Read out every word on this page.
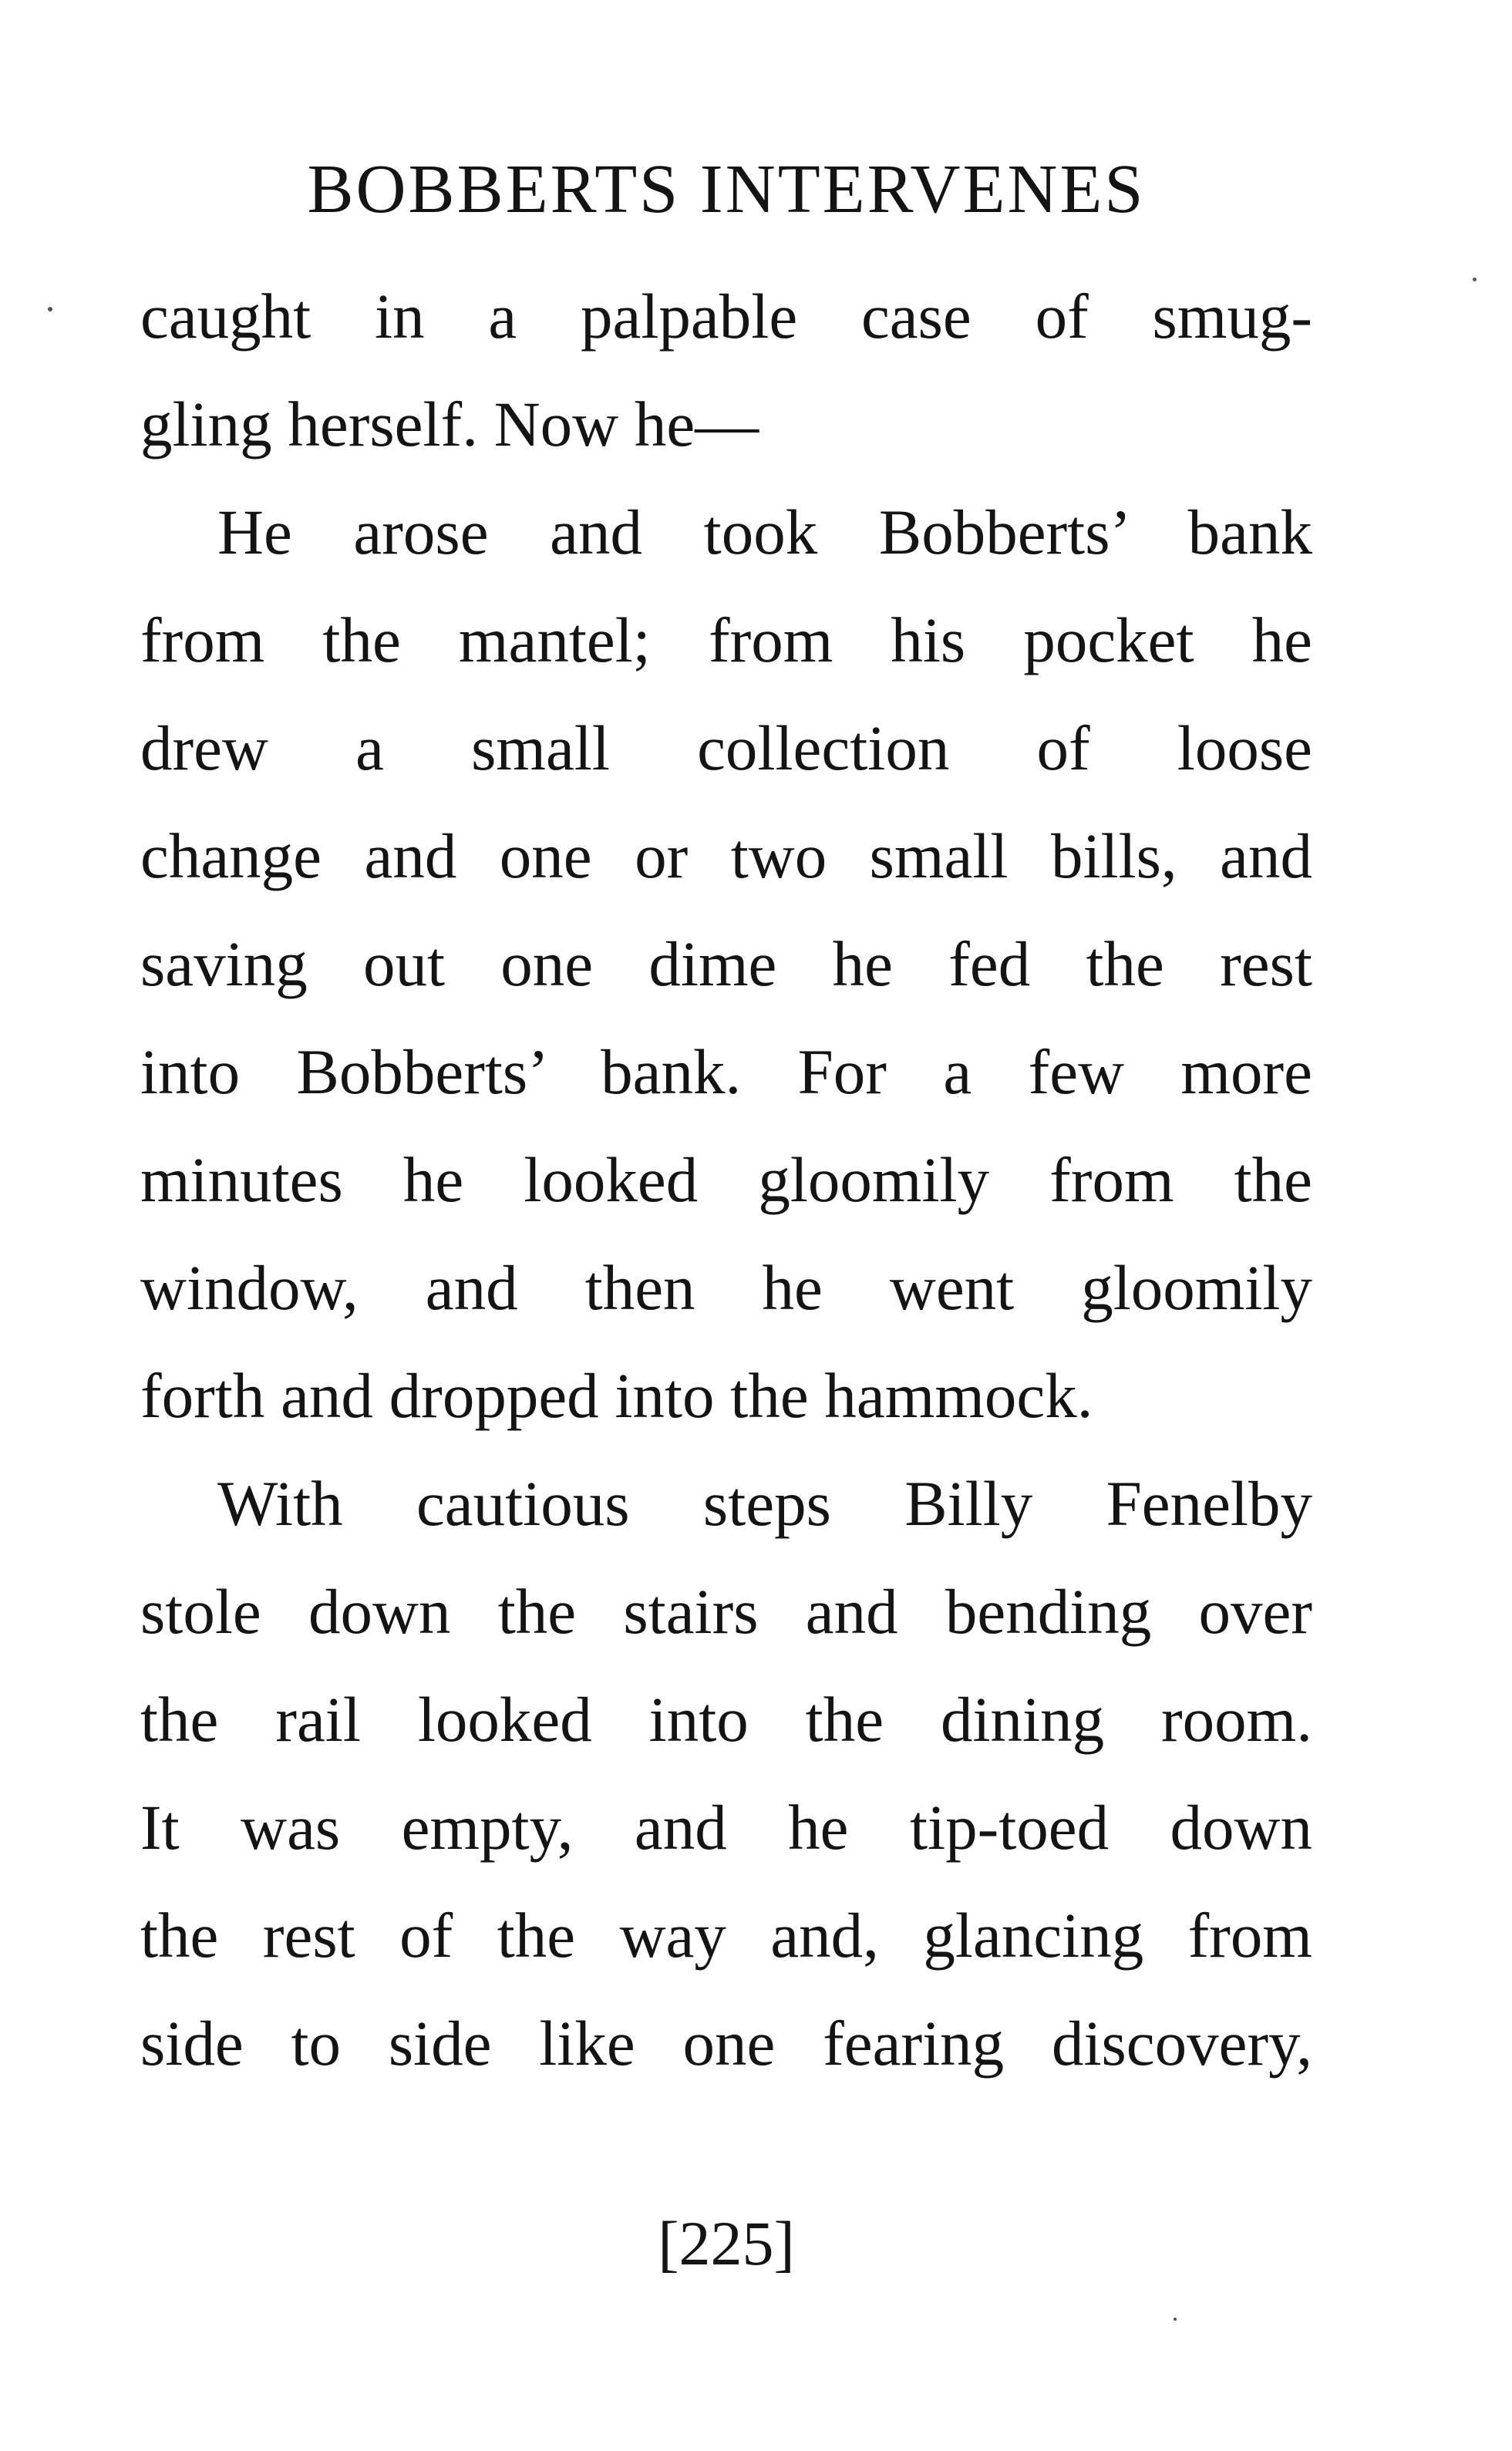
BOBBERTS INTERVENES
caught in a palpable case of smug-
gling herself. Now he—
He arose and took Bobberts’ bank
from the mantel; from his pocket he
drew a small collection of loose
change and one or two small bills, and
saving out one dime he fed the rest
into Bobberts’ bank. For a few more
minutes he looked gloomily from the
window, and then he went gloomily
forth and dropped into the hammock.
With cautious steps Billy Fenelby
stole down the stairs and bending over
the rail looked into the dining room.
It was empty, and he tip-toed down
the rest of the way and, glancing from
side to side like one fearing discovery,
[225]
